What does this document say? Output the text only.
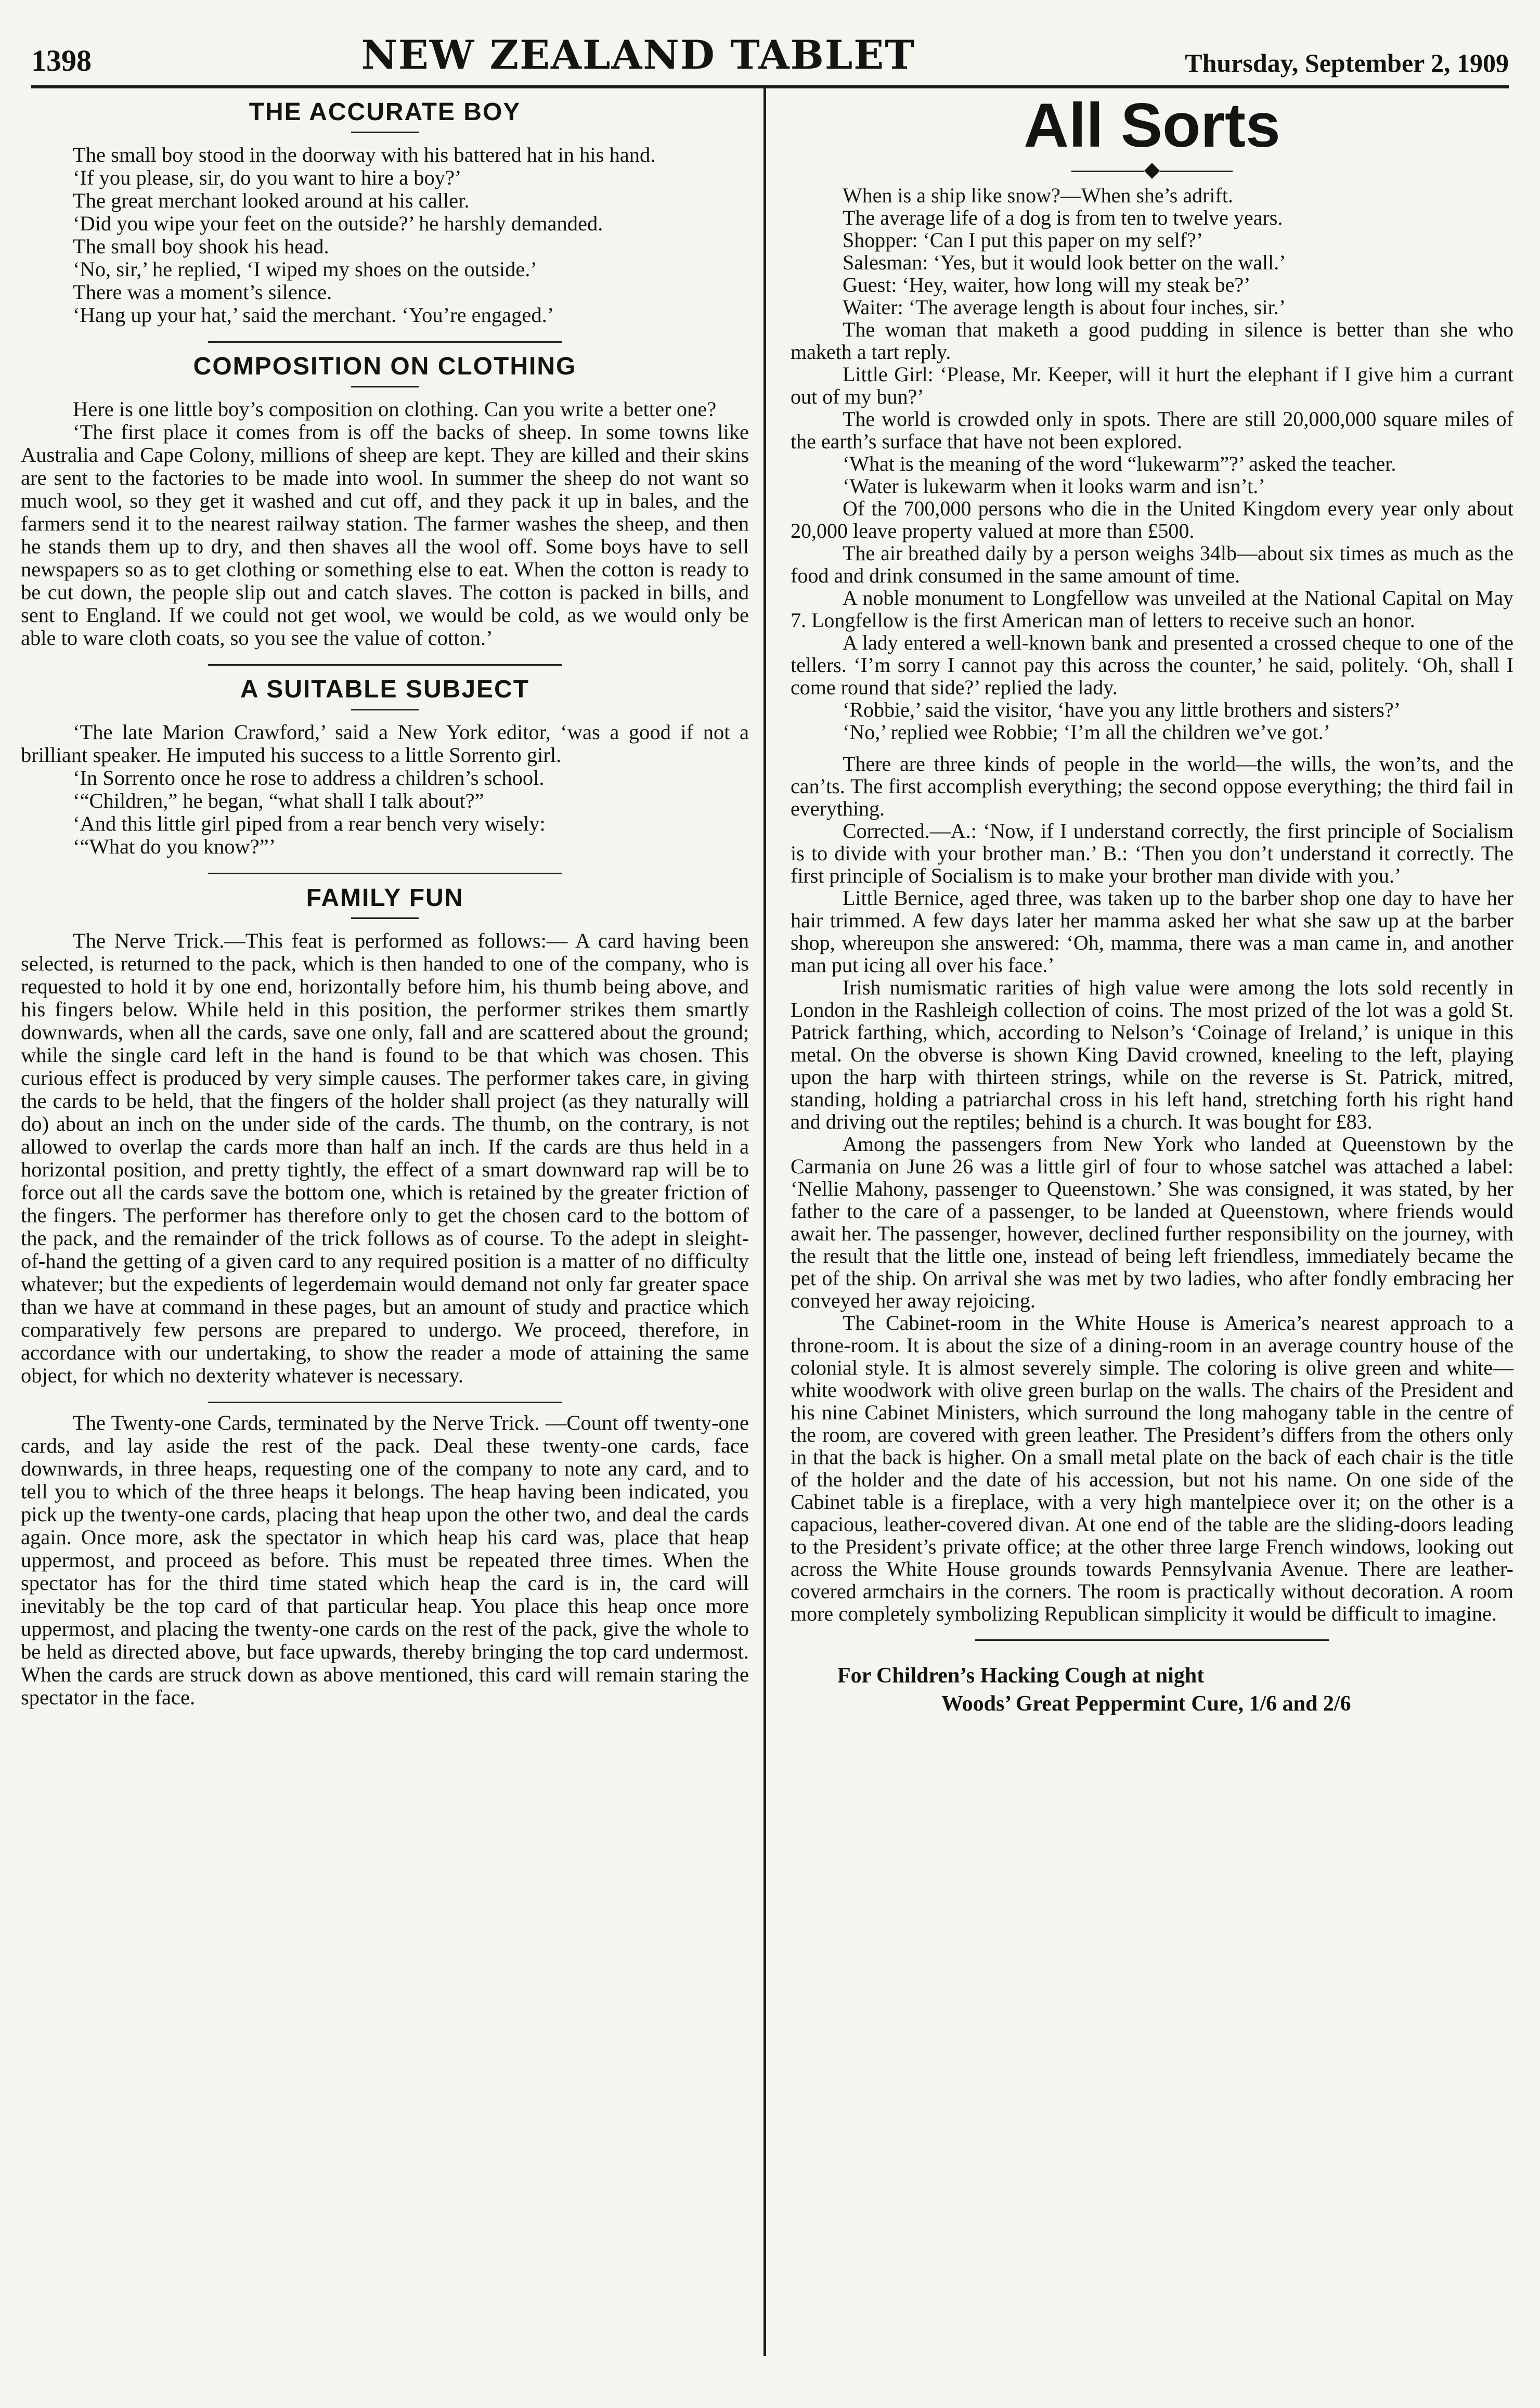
1398	NEW ZEALAND TABLET	Thursday, September 2, 1909
THE ACCURATE BOY

The small boy stood in the doorway with his battered hat in his hand.

‘If you please, sir, do you want to hire a boy?’

The great merchant looked around at his caller.

‘Did you wipe your feet on the outside?’ he harshly demanded.

The small boy shook his head.

‘No, sir,’ he replied, ‘I wiped my shoes on the outside.’

There was a moment’s silence.

‘Hang up your hat,’ said the merchant. ‘You’re engaged.’

COMPOSITION ON CLOTHING

Here is one little boy’s composition on clothing. Can you write a better one?

‘The first place it comes from is off the backs of sheep. In some towns like Australia and Cape Colony, millions of sheep are kept. They are killed and their skins are sent to the factories to be made into wool. In summer the sheep do not want so much wool, so they get it washed and cut off, and they pack it up in bales, and the farmers send it to the nearest railway station. The farmer washes the sheep, and then he stands them up to dry, and then shaves all the wool off. Some boys have to sell newspapers so as to get clothing or something else to eat. When the cotton is ready to be cut down, the people slip out and catch slaves. The cotton is packed in bills, and sent to England. If we could not get wool, we would be cold, as we would only be able to ware cloth coats, so you see the value of cotton.’

A SUITABLE SUBJECT

‘The late Marion Crawford,’ said a New York editor, ‘was a good if not a brilliant speaker. He imputed his success to a little Sorrento girl.

‘In Sorrento once he rose to address a children’s school.

‘“Children,” he began, “what shall I talk about?”

‘And this little girl piped from a rear bench very wisely:

‘“What do you know?”’

FAMILY FUN

The Nerve Trick.—This feat is performed as follows:— A card having been selected, is returned to the pack, which is then handed to one of the company, who is requested to hold it by one end, horizontally before him, his thumb being above, and his fingers below. While held in this position, the performer strikes them smartly downwards, when all the cards, save one only, fall and are scattered about the ground; while the single card left in the hand is found to be that which was chosen. This curious effect is produced by very simple causes. The performer takes care, in giving the cards to be held, that the fingers of the holder shall project (as they naturally will do) about an inch on the under side of the cards. The thumb, on the contrary, is not allowed to overlap the cards more than half an inch. If the cards are thus held in a horizontal position, and pretty tightly, the effect of a smart downward rap will be to force out all the cards save the bottom one, which is retained by the greater friction of the fingers. The performer has therefore only to get the chosen card to the bottom of the pack, and the remainder of the trick follows as of course. To the adept in sleight-of-hand the getting of a given card to any required position is a matter of no difficulty whatever; but the expedients of legerdemain would demand not only far greater space than we have at command in these pages, but an amount of study and practice which comparatively few persons are prepared to undergo. We proceed, therefore, in accordance with our undertaking, to show the reader a mode of attaining the same object, for which no dexterity whatever is necessary.

The Twenty-one Cards, terminated by the Nerve Trick. —Count off twenty-one cards, and lay aside the rest of the pack. Deal these twenty-one cards, face downwards, in three heaps, requesting one of the company to note any card, and to tell you to which of the three heaps it belongs. The heap having been indicated, you pick up the twenty-one cards, placing that heap upon the other two, and deal the cards again. Once more, ask the spectator in which heap his card was, place that heap uppermost, and proceed as before. This must be repeated three times. When the spectator has for the third time stated which heap the card is in, the card will inevitably be the top card of that particular heap. You place this heap once more uppermost, and placing the twenty-one cards on the rest of the pack, give the whole to be held as directed above, but face upwards, thereby bringing the top card undermost. When the cards are struck down as above mentioned, this card will remain staring the spectator in the face.

All Sorts
◆

When is a ship like snow?—When she’s adrift.

The average life of a dog is from ten to twelve years.

Shopper: ‘Can I put this paper on my self?’

Salesman: ‘Yes, but it would look better on the wall.’

Guest: ‘Hey, waiter, how long will my steak be?’

Waiter: ‘The average length is about four inches, sir.’

The woman that maketh a good pudding in silence is better than she who maketh a tart reply.

Little Girl: ‘Please, Mr. Keeper, will it hurt the elephant if I give him a currant out of my bun?’

The world is crowded only in spots. There are still 20,000,000 square miles of the earth’s surface that have not been explored.

‘What is the meaning of the word “lukewarm”?’ asked the teacher.

‘Water is lukewarm when it looks warm and isn’t.’

Of the 700,000 persons who die in the United Kingdom every year only about 20,000 leave property valued at more than £500.

The air breathed daily by a person weighs 34lb—about six times as much as the food and drink consumed in the same amount of time.

A noble monument to Longfellow was unveiled at the National Capital on May 7. Longfellow is the first American man of letters to receive such an honor.

A lady entered a well-known bank and presented a crossed cheque to one of the tellers. ‘I’m sorry I cannot pay this across the counter,’ he said, politely. ‘Oh, shall I come round that side?’ replied the lady.

‘Robbie,’ said the visitor, ‘have you any little brothers and sisters?’

‘No,’ replied wee Robbie; ‘I’m all the children we’ve got.’

There are three kinds of people in the world—the wills, the won’ts, and the can’ts. The first accomplish everything; the second oppose everything; the third fail in everything.

Corrected.—A.: ‘Now, if I understand correctly, the first principle of Socialism is to divide with your brother man.’ B.: ‘Then you don’t understand it correctly. The first principle of Socialism is to make your brother man divide with you.’

Little Bernice, aged three, was taken up to the barber shop one day to have her hair trimmed. A few days later her mamma asked her what she saw up at the barber shop, whereupon she answered: ‘Oh, mamma, there was a man came in, and another man put icing all over his face.’

Irish numismatic rarities of high value were among the lots sold recently in London in the Rashleigh collection of coins. The most prized of the lot was a gold St. Patrick farthing, which, according to Nelson’s ‘Coinage of Ireland,’ is unique in this metal. On the obverse is shown King David crowned, kneeling to the left, playing upon the harp with thirteen strings, while on the reverse is St. Patrick, mitred, standing, holding a patriarchal cross in his left hand, stretching forth his right hand and driving out the reptiles; behind is a church. It was bought for £83.

Among the passengers from New York who landed at Queenstown by the Carmania on June 26 was a little girl of four to whose satchel was attached a label: ‘Nellie Mahony, passenger to Queenstown.’ She was consigned, it was stated, by her father to the care of a passenger, to be landed at Queenstown, where friends would await her. The passenger, however, declined further responsibility on the journey, with the result that the little one, instead of being left friendless, immediately became the pet of the ship. On arrival she was met by two ladies, who after fondly embracing her conveyed her away rejoicing.

The Cabinet-room in the White House is America’s nearest approach to a throne-room. It is about the size of a dining-room in an average country house of the colonial style. It is almost severely simple. The coloring is olive green and white—white woodwork with olive green burlap on the walls. The chairs of the President and his nine Cabinet Ministers, which surround the long mahogany table in the centre of the room, are covered with green leather. The President’s differs from the others only in that the back is higher. On a small metal plate on the back of each chair is the title of the holder and the date of his accession, but not his name. On one side of the Cabinet table is a fireplace, with a very high mantelpiece over it; on the other is a capacious, leather-covered divan. At one end of the table are the sliding-doors leading to the President’s private office; at the other three large French windows, looking out across the White House grounds towards Pennsylvania Avenue. There are leather-covered armchairs in the corners. The room is practically without decoration. A room more completely symbolizing Republican simplicity it would be difficult to imagine.

For Children’s Hacking Cough at night
Woods’ Great Peppermint Cure, 1/6 and 2/6
